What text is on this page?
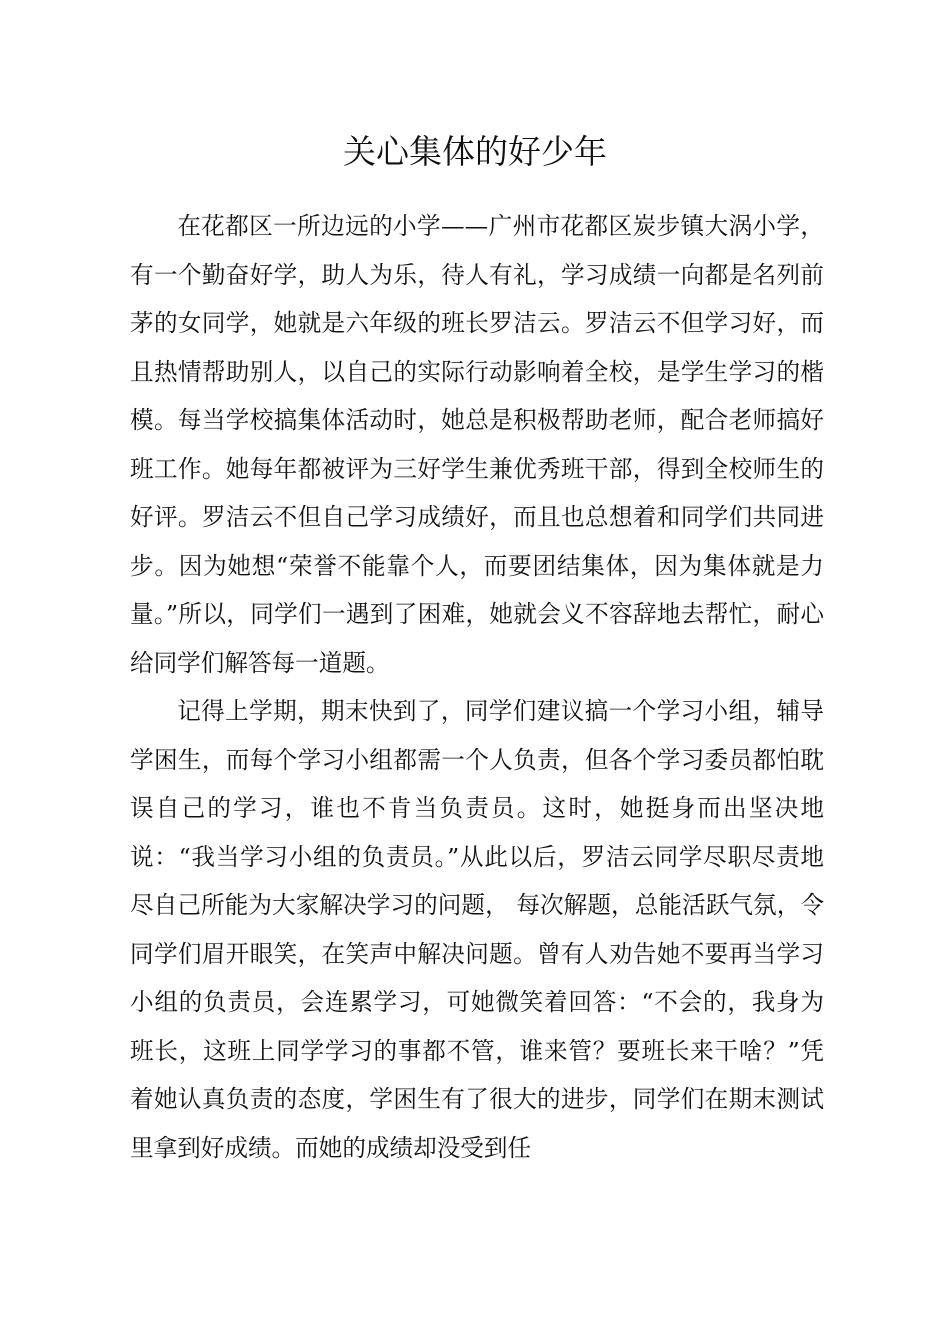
关心集体的好少年

在花都区一所边远的小学——广州市花都区炭步镇大涡小学，有一个勤奋好学，助人为乐，待人有礼，学习成绩一向都是名列前茅的女同学，她就是六年级的班长罗洁云。罗洁云不但学习好，而且热情帮助别人，以自己的实际行动影响着全校，是学生学习的楷模。每当学校搞集体活动时，她总是积极帮助老师，配合老师搞好班工作。她每年都被评为三好学生兼优秀班干部，得到全校师生的好评。罗洁云不但自己学习成绩好，而且也总想着和同学们共同进步。因为她想“荣誉不能靠个人，而要团结集体，因为集体就是力量。”所以，同学们一遇到了困难，她就会义不容辞地去帮忙，耐心给同学们解答每一道题。

记得上学期，期末快到了，同学们建议搞一个学习小组，辅导学困生，而每个学习小组都需一个人负责，但各个学习委员都怕耽误自己的学习，谁也不肯当负责员。这时，她挺身而出坚决地说：“我当学习小组的负责员。”从此以后，罗洁云同学尽职尽责地尽自己所能为大家解决学习的问题， 每次解题，总能活跃气氛，令同学们眉开眼笑，在笑声中解决问题。曾有人劝告她不要再当学习小组的负责员，会连累学习，可她微笑着回答：“不会的，我身为班长，这班上同学学习的事都不管，谁来管？要班长来干啥？”凭着她认真负责的态度，学困生有了很大的进步，同学们在期末测试里拿到好成绩。而她的成绩却没受到任
